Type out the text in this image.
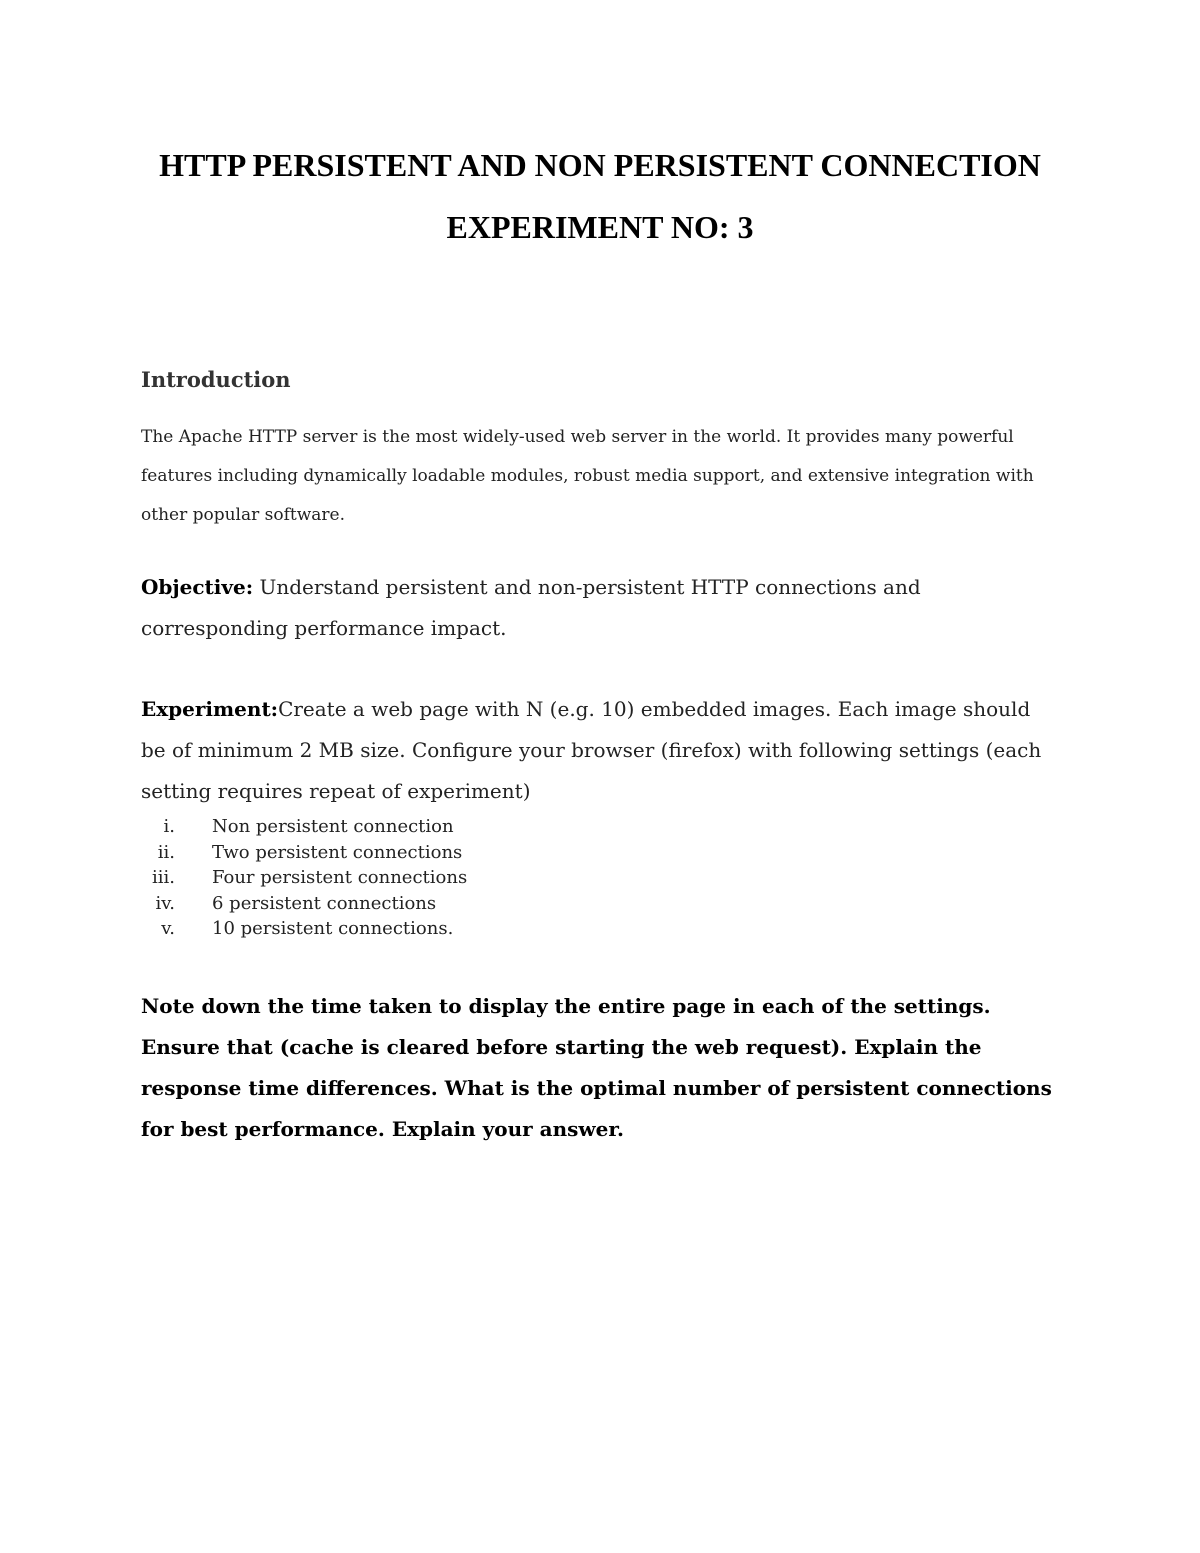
HTTP PERSISTENT AND NON PERSISTENT CONNECTION
EXPERIMENT NO: 3
Introduction

The Apache HTTP server is the most widely-used web server in the world. It provides many powerful features including dynamically loadable modules, robust media support, and extensive integration with other popular software.

Objective: Understand persistent and non-persistent HTTP connections and corresponding performance impact.

Experiment:Create a web page with N (e.g. 10) embedded images. Each image should be of minimum 2 MB size. Configure your browser (firefox) with following settings (each setting requires repeat of experiment)

i. Non persistent connection
ii. Two persistent connections
iii. Four persistent connections
iv. 6 persistent connections
v. 10 persistent connections.

Note down the time taken to display the entire page in each of the settings. Ensure that (cache is cleared before starting the web request). Explain the response time differences. What is the optimal number of persistent connections for best performance. Explain your answer.
